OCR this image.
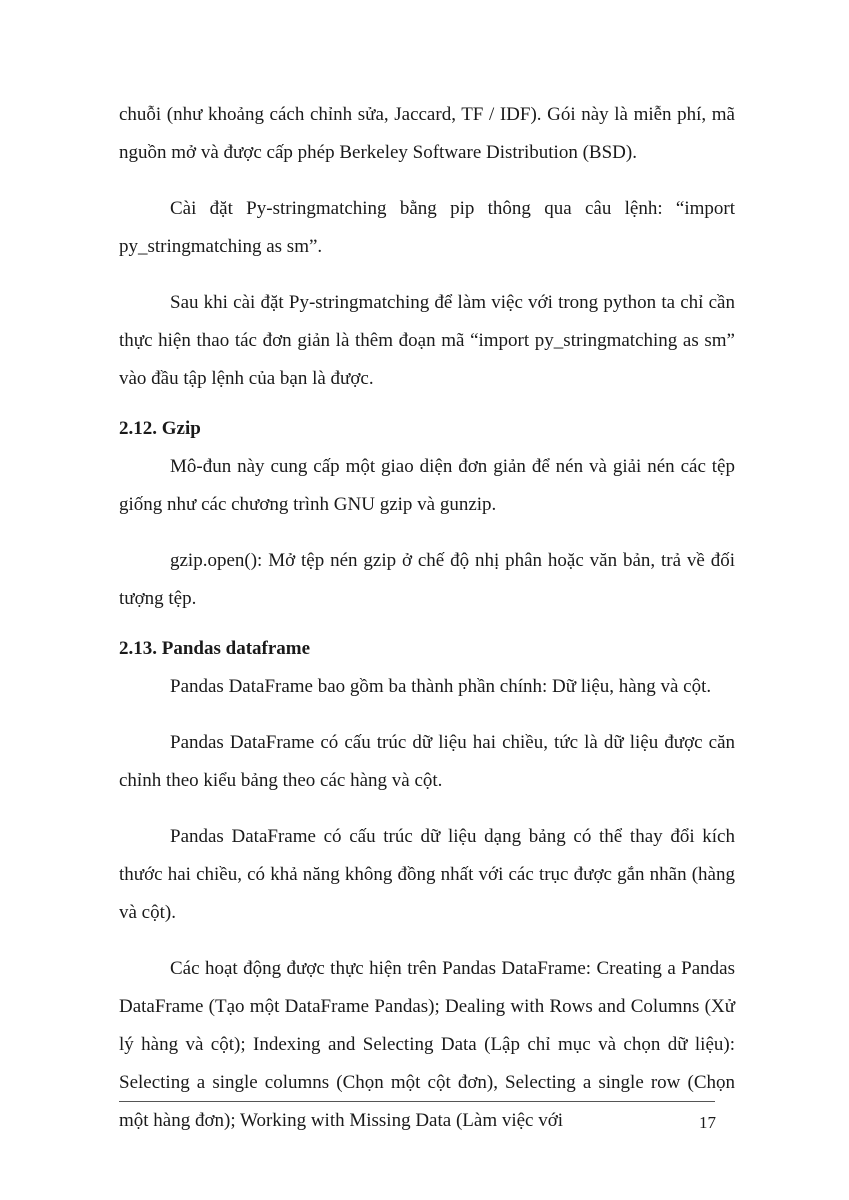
chuỗi (như khoảng cách chỉnh sửa, Jaccard, TF / IDF). Gói này là miễn phí, mã nguồn mở và được cấp phép Berkeley Software Distribution (BSD).

Cài đặt Py-stringmatching bằng pip thông qua câu lệnh: “import py_stringmatching as sm”.

Sau khi cài đặt Py-stringmatching để làm việc với trong python ta chỉ cần thực hiện thao tác đơn giản là thêm đoạn mã “import py_stringmatching as sm” vào đầu tập lệnh của bạn là được.

2.12. Gzip

Mô-đun này cung cấp một giao diện đơn giản để nén và giải nén các tệp giống như các chương trình GNU gzip và gunzip.

gzip.open(): Mở tệp nén gzip ở chế độ nhị phân hoặc văn bản, trả về đối tượng tệp.

2.13. Pandas dataframe

Pandas DataFrame bao gồm ba thành phần chính: Dữ liệu, hàng và cột.

Pandas DataFrame có cấu trúc dữ liệu hai chiều, tức là dữ liệu được căn chỉnh theo kiểu bảng theo các hàng và cột.

Pandas DataFrame có cấu trúc dữ liệu dạng bảng có thể thay đổi kích thước hai chiều, có khả năng không đồng nhất với các trục được gắn nhãn (hàng và cột).

Các hoạt động được thực hiện trên Pandas DataFrame: Creating a Pandas DataFrame (Tạo một DataFrame Pandas); Dealing with Rows and Columns (Xử lý hàng và cột); Indexing and Selecting Data (Lập chỉ mục và chọn dữ liệu): Selecting a single columns (Chọn một cột đơn), Selecting a single row (Chọn một hàng đơn); Working with Missing Data (Làm việc với	17
